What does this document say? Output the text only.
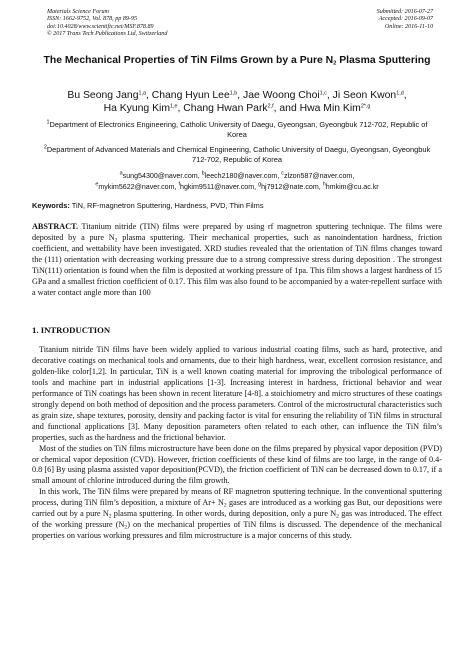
Materials Science Forum
ISSN: 1662-9752, Vol. 878, pp 89-95
doi:10.4028/www.scientific.net/MSF.878.89
© 2017 Trans Tech Publications Ltd, Switzerland
Submitted: 2016-07-27
Accepted: 2016-09-07
Online: 2016-11-10
The Mechanical Properties of TiN Films Grown by a Pure $N_2$ Plasma Sputtering
Bu Seong Jang$^{1,a}$, Chang Hyun Lee$^{1,b}$, Jae Woong Choi$^{1,c}$, Ji Seon Kwon$^{1,d}$,
Ha Kyung Kim$^{1,e}$, Chang Hwan Park$^{2,f}$, and Hwa Min Kim$^{2*,g}$
$^1$Department of Electronics Engineering, Catholic University of Daegu, Gyeongsan, Gyeongbuk 712-702, Republic of Korea
$^2$Department of Advanced Materials and Chemical Engineering, Catholic University of Daegu, Gyeongsan, Gyeongbuk 712-702, Republic of Korea
$^a$sung54300@naver.com, $^b$leech2180@naver.com, $^c$zlzon587@naver.com,
$^e$mykim5622@naver.com, $^f$hgkim9511@naver.com, $^g$hj7912@nate.com, $^h$hmkim@cu.ac.kr
Keywords: TiN, RF-magnetron Sputtering, Hardness, PVD, Thin Films
ABSTRACT. Titanium nitride (TIN) films were prepared by using rf magnetron sputtering technique. The films were deposited by a pure $N_2$ plasma sputtering. Their mechanical properties, such as nanoindentation hardness, friction coefficient, and wettability have been investigated. XRD studies revealed that the orientation of TiN films changes toward the (111) orientation with decreasing working pressure due to a strong compressive stress during deposition . The strongest TiN(111) orientation is found when the film is deposited at working pressure of 1pa. This film shows a largest hardness of 15 GPa and a smallest friction coefficient of 0.17. This film was also found to be accompanied by a water-repellent surface with a water contact angle more than 100
1. INTRODUCTION

Titanium nitride TiN films have been widely applied to various industrial coating films, such as hard, protective, and decorative coatings on mechanical tools and ornaments, due to their high hardness, wear, excellent corrosion resistance, and golden-like color[1,2]. In particular, TiN is a well known coating material for improving the tribological performance of tools and machine part in industrial applications [1-3]. Increasing interest in hardness, frictional behavior and wear performance of TiN coatings has been shown in recent literature [4-8]. a stoichiometry and micro structures of these coatings strongly depend on both method of deposition and the process parameters. Control of the microstructural characteristics such as grain size, shape textures, porosity, density and packing factor is vital for ensuring the reliability of TiN films in structural and functional applications [3]. Many deposition parameters often related to each other, can influence the TiN film’s properties, such as the hardness and the frictional behavior.

Most of the studies on TiN films microstructure have been done on the films prepared by physical vapor deposition (PVD) or chemical vapor deposition (CVD). However, friction coefficients of these kind of films are too large, in the range of 0.4- 0.8 [6] By using plasma assisted vapor deposition(PCVD), the friction coefficient of TiN can be decreased down to 0.17, if a small amount of chlorine introduced during the film growth.

In this work, The TiN films were prepared by means of RF magnetron sputtering technique. In the conventional sputtering process, during TiN film’s deposition, a mixture of $Ar+ N_2$ gases are introduced as a working gas But, our depositions were carried out by a pure $N_2$ plasma sputtering. In other words, during deposition, only a pure $N_2$ gas was introduced. The effect of the working pressure $(N_2)$ on the mechanical properties of TiN films is discussed. The dependence of the mechanical properties on various working pressures and film microstructure is a major concerns of this study.
